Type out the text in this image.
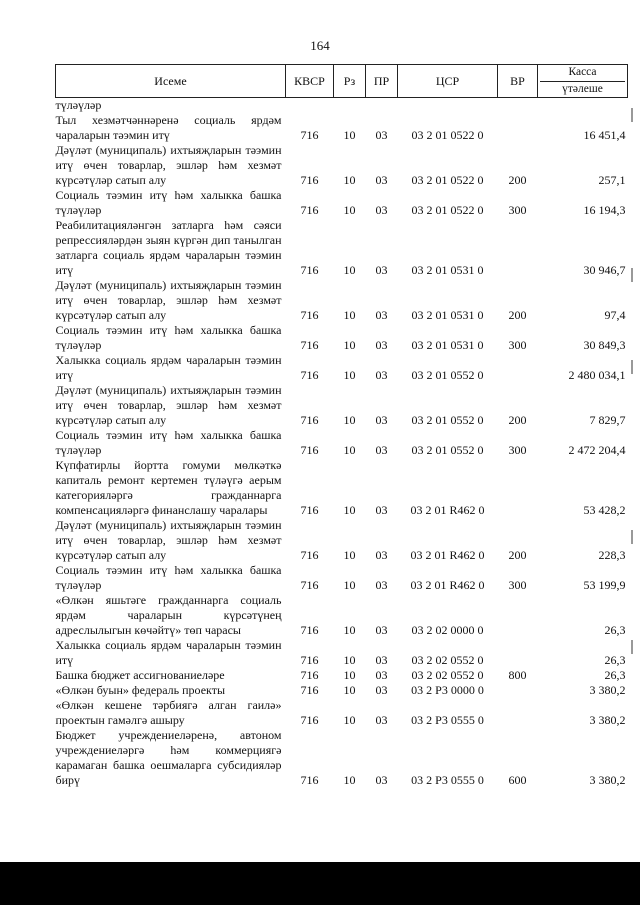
164
Исеме	КВСР	Рз	ПР	ЦСР	ВР	Касса
үтәлеше

түләүләр						
Тыл хезмәтчәннәренә социаль ярдәм чараларын тәэмин итү	716	10	03	03 2 01 0522 0		16 451,4
Дәүләт (муниципаль) ихтыяҗларын тәэмин итү өчен товарлар, эшләр һәм хезмәт күрсәтүләр сатып алу	716	10	03	03 2 01 0522 0	200	257,1
Социаль тәэмин итү һәм халыкка башка түләүләр	716	10	03	03 2 01 0522 0	300	16 194,3
Реабилитацияләнгән затларга һәм сәяси репрессияләрдән зыян күргән дип танылган затларга социаль ярдәм чараларын тәэмин итү	716	10	03	03 2 01 0531 0		30 946,7
Дәүләт (муниципаль) ихтыяҗларын тәэмин итү өчен товарлар, эшләр һәм хезмәт күрсәтүләр сатып алу	716	10	03	03 2 01 0531 0	200	97,4
Социаль тәэмин итү һәм халыкка башка түләүләр	716	10	03	03 2 01 0531 0	300	30 849,3
Халыкка социаль ярдәм чараларын тәэмин итү	716	10	03	03 2 01 0552 0		2 480 034,1
Дәүләт (муниципаль) ихтыяҗларын тәэмин итү өчен товарлар, эшләр һәм хезмәт күрсәтүләр сатып алу	716	10	03	03 2 01 0552 0	200	7 829,7
Социаль тәэмин итү һәм халыкка башка түләүләр	716	10	03	03 2 01 0552 0	300	2 472 204,4
Күпфатирлы йортта гомуми мөлкәткә капиталь ремонт кертемен түләүгә аерым категорияләргә гражданнарга компенсацияләргә финанслашу чаралары	716	10	03	03 2 01 R462 0		53 428,2
Дәүләт (муниципаль) ихтыяҗларын тәэмин итү өчен товарлар, эшләр һәм хезмәт күрсәтүләр сатып алу	716	10	03	03 2 01 R462 0	200	228,3
Социаль тәэмин итү һәм халыкка башка түләүләр	716	10	03	03 2 01 R462 0	300	53 199,9
«Өлкән яшьтәге гражданнарга социаль ярдәм чараларын күрсәтүнең адреслылыгын көчәйтү» төп чарасы	716	10	03	03 2 02 0000 0		26,3
Халыкка социаль ярдәм чараларын тәэмин итү	716	10	03	03 2 02 0552 0		26,3
Башка бюджет ассигнованиеләре	716	10	03	03 2 02 0552 0	800	26,3
«Өлкән буын» федераль проекты	716	10	03	03 2 P3 0000 0		3 380,2
«Өлкән кешене тәрбиягә алган гаилә» проектын гамәлгә ашыру	716	10	03	03 2 P3 0555 0		3 380,2
Бюджет учреждениеләренә, автоном учреждениеләргә һәм коммерциягә карамаган башка оешмаларга субсидияләр бирү	716	10	03	03 2 P3 0555 0	600	3 380,2
